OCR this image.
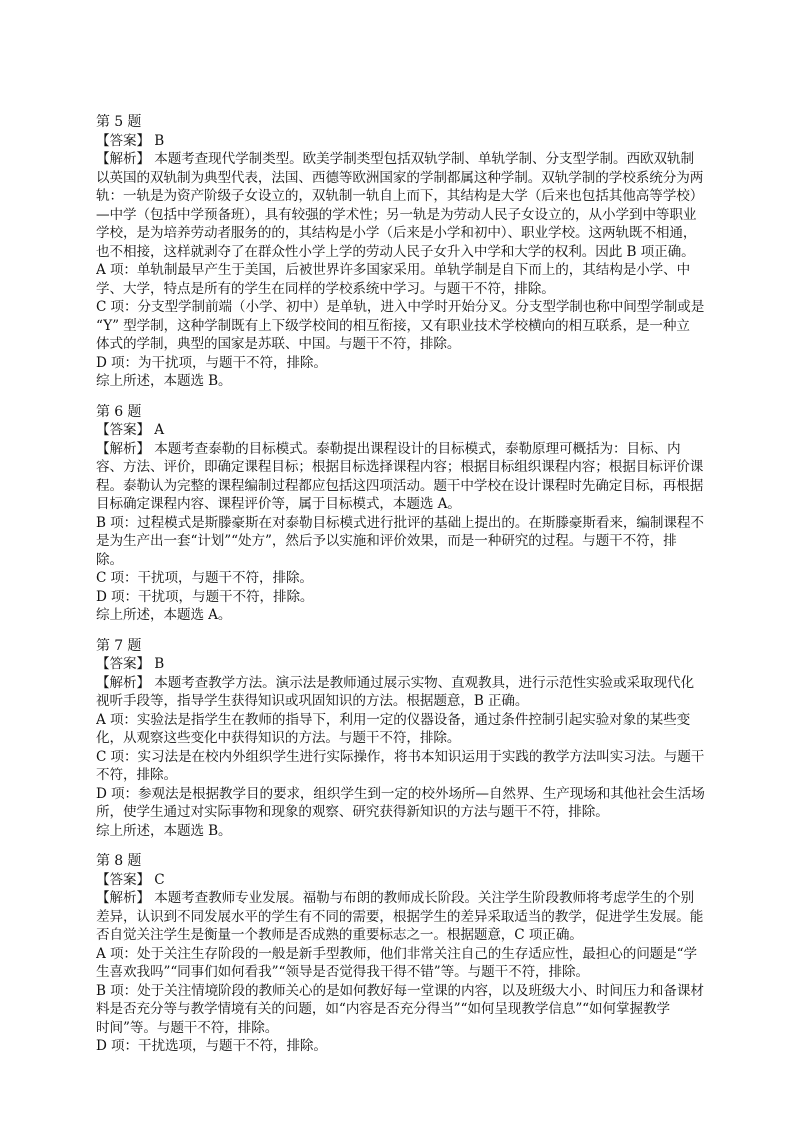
第 5 题
【答案】 B
【解析】 本题考查现代学制类型。欧美学制类型包括双轨学制、单轨学制、分支型学制。西欧双轨制
以英国的双轨制为典型代表，法国、西德等欧洲国家的学制都属这种学制。双轨学制的学校系统分为两
轨：一轨是为资产阶级子女设立的，双轨制一轨自上而下，其结构是大学（后来也包括其他高等学校）
—中学（包括中学预备班），具有较强的学术性；另一轨是为劳动人民子女设立的，从小学到中等职业
学校，是为培养劳动者服务的的，其结构是小学（后来是小学和初中）、职业学校。这两轨既不相通，
也不相接，这样就剥夺了在群众性小学上学的劳动人民子女升入中学和大学的权利。因此 B 项正确。
A 项：单轨制最早产生于美国，后被世界许多国家采用。单轨学制是自下而上的，其结构是小学、中
学、大学，特点是所有的学生在同样的学校系统中学习。与题干不符，排除。
C 项：分支型学制前端（小学、初中）是单轨，进入中学时开始分叉。分支型学制也称中间型学制或是
“Y” 型学制，这种学制既有上下级学校间的相互衔接，又有职业技术学校横向的相互联系，是一种立
体式的学制，典型的国家是苏联、中国。与题干不符，排除。
D 项：为干扰项，与题干不符，排除。
综上所述，本题选 B。
第 6 题
【答案】 A
【解析】 本题考查泰勒的目标模式。泰勒提出课程设计的目标模式，泰勒原理可概括为：目标、内
容、方法、评价，即确定课程目标；根据目标选择课程内容；根据目标组织课程内容；根据目标评价课
程。泰勒认为完整的课程编制过程都应包括这四项活动。题干中学校在设计课程时先确定目标，再根据
目标确定课程内容、课程评价等，属于目标模式，本题选 A。
B 项：过程模式是斯滕豪斯在对泰勒目标模式进行批评的基础上提出的。在斯滕豪斯看来，编制课程不
是为生产出一套“计划”“处方”，然后予以实施和评价效果，而是一种研究的过程。与题干不符，排
除。
C 项：干扰项，与题干不符，排除。
D 项：干扰项，与题干不符，排除。
综上所述，本题选 A。
第 7 题
【答案】 B
【解析】 本题考查教学方法。演示法是教师通过展示实物、直观教具，进行示范性实验或采取现代化
视听手段等，指导学生获得知识或巩固知识的方法。根据题意，B 正确。
A 项：实验法是指学生在教师的指导下，利用一定的仪器设备，通过条件控制引起实验对象的某些变
化，从观察这些变化中获得知识的方法。与题干不符，排除。
C 项：实习法是在校内外组织学生进行实际操作，将书本知识运用于实践的教学方法叫实习法。与题干
不符，排除。
D 项：参观法是根据教学目的要求，组织学生到一定的校外场所—自然界、生产现场和其他社会生活场
所，使学生通过对实际事物和现象的观察、研究获得新知识的方法与题干不符，排除。
综上所述，本题选 B。
第 8 题
【答案】 C
【解析】 本题考查教师专业发展。福勒与布朗的教师成长阶段。关注学生阶段教师将考虑学生的个别
差异，认识到不同发展水平的学生有不同的需要，根据学生的差异采取适当的教学，促进学生发展。能
否自觉关注学生是衡量一个教师是否成熟的重要标志之一。根据题意，C 项正确。
A 项：处于关注生存阶段的一般是新手型教师，他们非常关注自己的生存适应性，最担心的问题是“学
生喜欢我吗”“同事们如何看我”“领导是否觉得我干得不错”等。与题干不符，排除。
B 项：处于关注情境阶段的教师关心的是如何教好每一堂课的内容，以及班级大小、时间压力和备课材
料是否充分等与教学情境有关的问题，如“内容是否充分得当”“如何呈现教学信息”“如何掌握教学
时间”等。与题干不符，排除。
D 项：干扰选项，与题干不符，排除。
